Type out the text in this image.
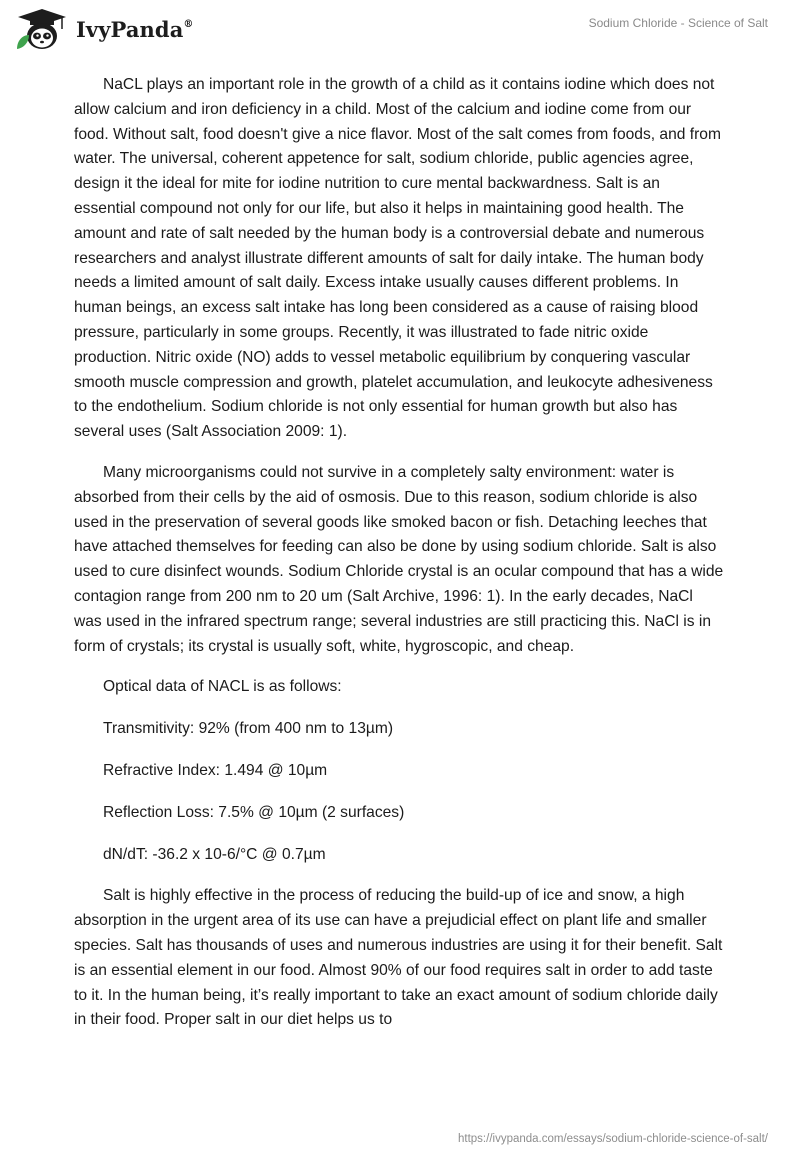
IvyPanda®	Sodium Chloride - Science of Salt

NaCL plays an important role in the growth of a child as it contains iodine which does not allow calcium and iron deficiency in a child. Most of the calcium and iodine come from our food. Without salt, food doesn't give a nice flavor. Most of the salt comes from foods, and from water. The universal, coherent appetence for salt, sodium chloride, public agencies agree, design it the ideal for mite for iodine nutrition to cure mental backwardness. Salt is an essential compound not only for our life, but also it helps in maintaining good health. The amount and rate of salt needed by the human body is a controversial debate and numerous researchers and analyst illustrate different amounts of salt for daily intake. The human body needs a limited amount of salt daily. Excess intake usually causes different problems. In human beings, an excess salt intake has long been considered as a cause of raising blood pressure, particularly in some groups. Recently, it was illustrated to fade nitric oxide production. Nitric oxide (NO) adds to vessel metabolic equilibrium by conquering vascular smooth muscle compression and growth, platelet accumulation, and leukocyte adhesiveness to the endothelium. Sodium chloride is not only essential for human growth but also has several uses (Salt Association 2009: 1).

Many microorganisms could not survive in a completely salty environment: water is absorbed from their cells by the aid of osmosis. Due to this reason, sodium chloride is also used in the preservation of several goods like smoked bacon or fish. Detaching leeches that have attached themselves for feeding can also be done by using sodium chloride. Salt is also used to cure disinfect wounds. Sodium Chloride crystal is an ocular compound that has a wide contagion range from 200 nm to 20 um (Salt Archive, 1996: 1). In the early decades, NaCl was used in the infrared spectrum range; several industries are still practicing this. NaCl is in form of crystals; its crystal is usually soft, white, hygroscopic, and cheap.

Optical data of NACL is as follows:

Transmitivity: 92% (from 400 nm to 13µm)

Refractive Index: 1.494 @ 10µm

Reflection Loss: 7.5% @ 10µm (2 surfaces)

dN/dT: -36.2 x 10-6/°C @ 0.7µm

Salt is highly effective in the process of reducing the build-up of ice and snow, a high absorption in the urgent area of its use can have a prejudicial effect on plant life and smaller species. Salt has thousands of uses and numerous industries are using it for their benefit. Salt is an essential element in our food. Almost 90% of our food requires salt in order to add taste to it. In the human being, it’s really important to take an exact amount of sodium chloride daily in their food. Proper salt in our diet helps us to

https://ivypanda.com/essays/sodium-chloride-science-of-salt/
